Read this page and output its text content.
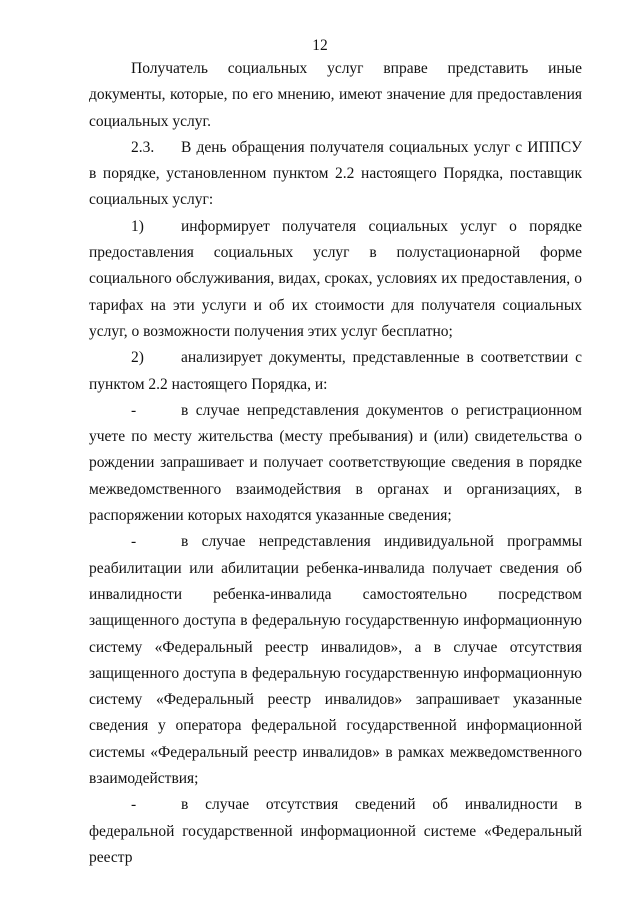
12

Получатель социальных услуг вправе представить иные документы, которые, по его мнению, имеют значение для предоставления социальных услуг.

2.3. В день обращения получателя социальных услуг с ИППСУ в порядке, установленном пунктом 2.2 настоящего Порядка, поставщик социальных услуг:

1) информирует получателя социальных услуг о порядке предоставления социальных услуг в полустационарной форме социального обслуживания, видах, сроках, условиях их предоставления, о тарифах на эти услуги и об их стоимости для получателя социальных услуг, о возможности получения этих услуг бесплатно;

2) анализирует документы, представленные в соответствии с пунктом 2.2 настоящего Порядка, и:

-	в случае непредставления документов о регистрационном учете по месту жительства (месту пребывания) и (или) свидетельства о рождении запрашивает и получает соответствующие сведения в порядке межведомственного взаимодействия в органах и организациях, в распоряжении которых находятся указанные сведения;

-	в случае непредставления индивидуальной программы реабилитации или абилитации ребенка-инвалида получает сведения об инвалидности ребенка-инвалида самостоятельно посредством защищенного доступа в федеральную государственную информационную систему «Федеральный реестр инвалидов», а в случае отсутствия защищенного доступа в федеральную государственную информационную систему «Федеральный реестр инвалидов» запрашивает указанные сведения у оператора федеральной государственной информационной системы «Федеральный реестр инвалидов» в рамках межведомственного взаимодействия;

-	в случае отсутствия сведений об инвалидности в федеральной государственной информационной системе «Федеральный реестр
